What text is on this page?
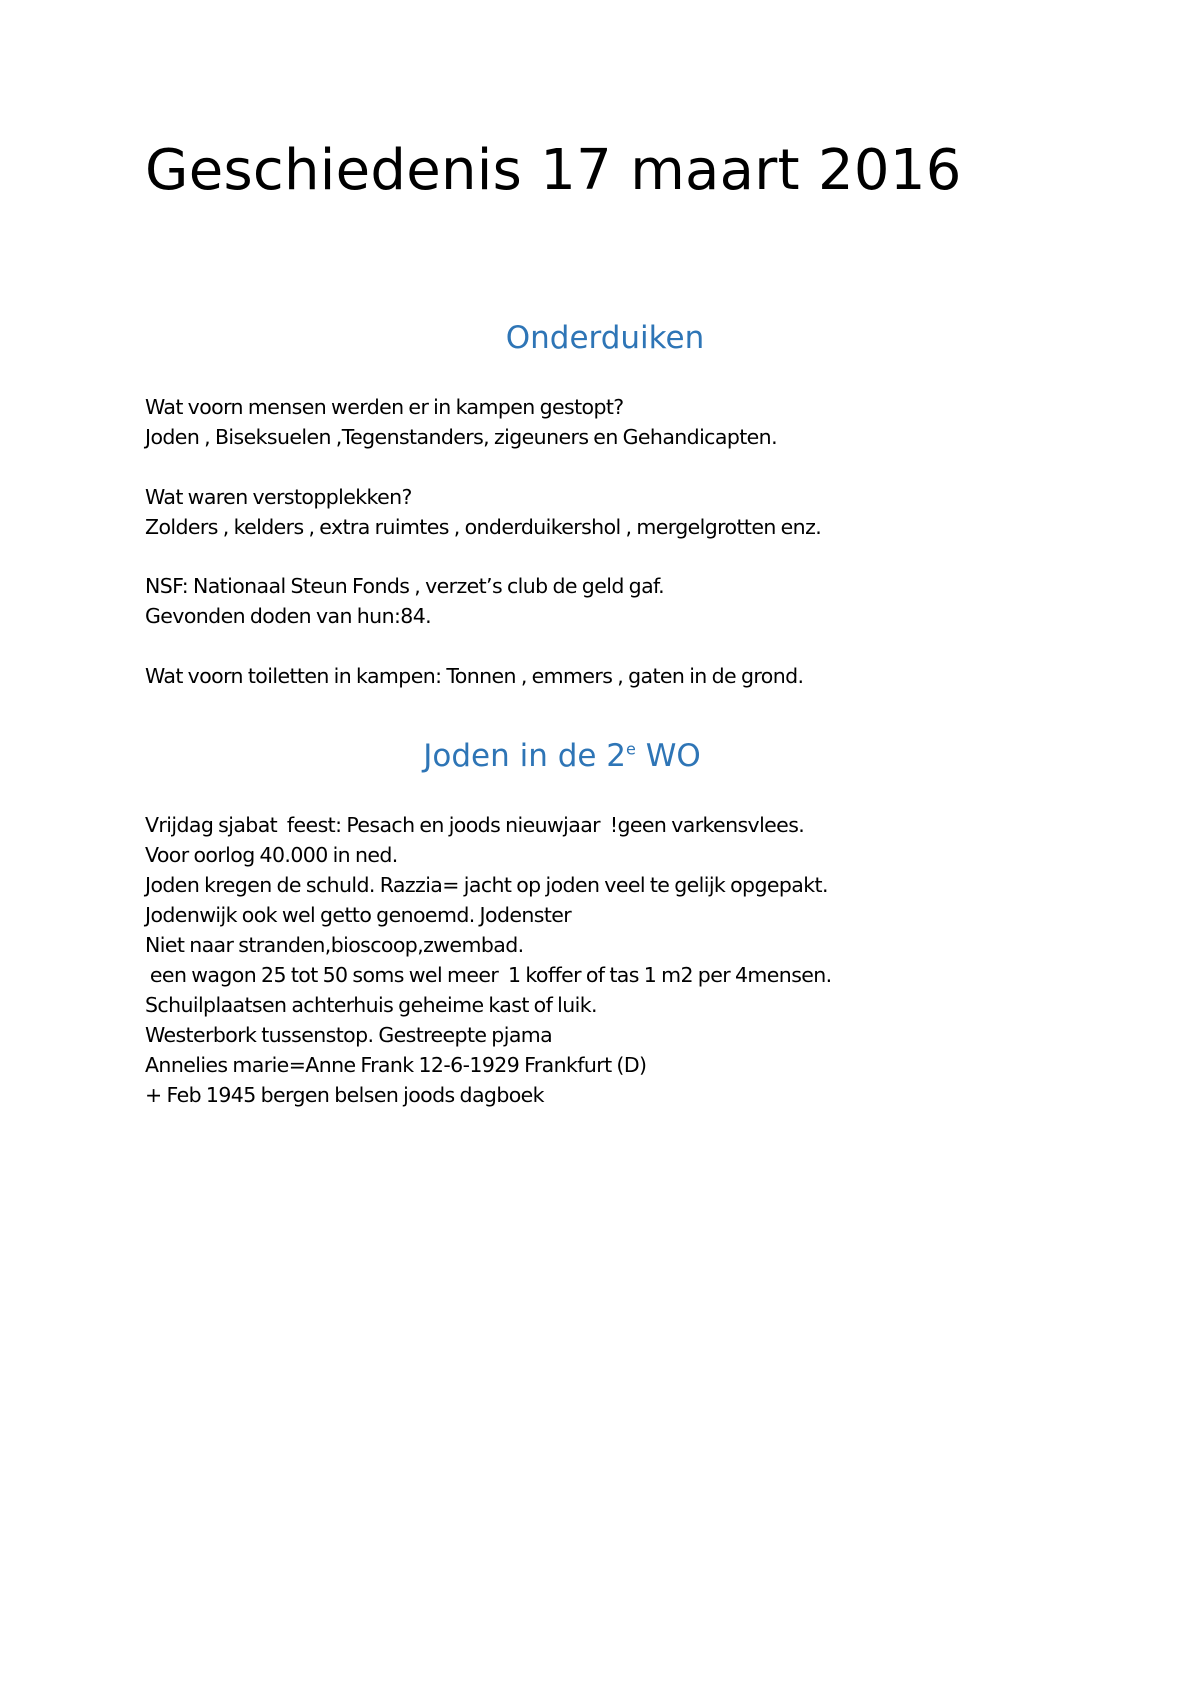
Geschiedenis 17 maart 2016
Onderduiken

Wat voorn mensen werden er in kampen gestopt?

Joden , Biseksuelen ,Tegenstanders, zigeuners en Gehandicapten.

Wat waren verstopplekken?

Zolders , kelders , extra ruimtes , onderduikershol , mergelgrotten enz.

NSF: Nationaal Steun Fonds , verzet’s club de geld gaf.

Gevonden doden van hun:84.

Wat voorn toiletten in kampen: Tonnen , emmers , gaten in de grond.

Joden in de 2e WO

Vrijdag sjabat  feest: Pesach en joods nieuwjaar  !geen varkensvlees.

Voor oorlog 40.000 in ned.

Joden kregen de schuld. Razzia= jacht op joden veel te gelijk opgepakt.

Jodenwijk ook wel getto genoemd. Jodenster

Niet naar stranden,bioscoop,zwembad.

een wagon 25 tot 50 soms wel meer  1 koffer of tas 1 m2 per 4mensen.

Schuilplaatsen achterhuis geheime kast of luik.

Westerbork tussenstop. Gestreepte pjama

Annelies marie=Anne Frank 12-6-1929 Frankfurt (D)

+ Feb 1945 bergen belsen joods dagboek
